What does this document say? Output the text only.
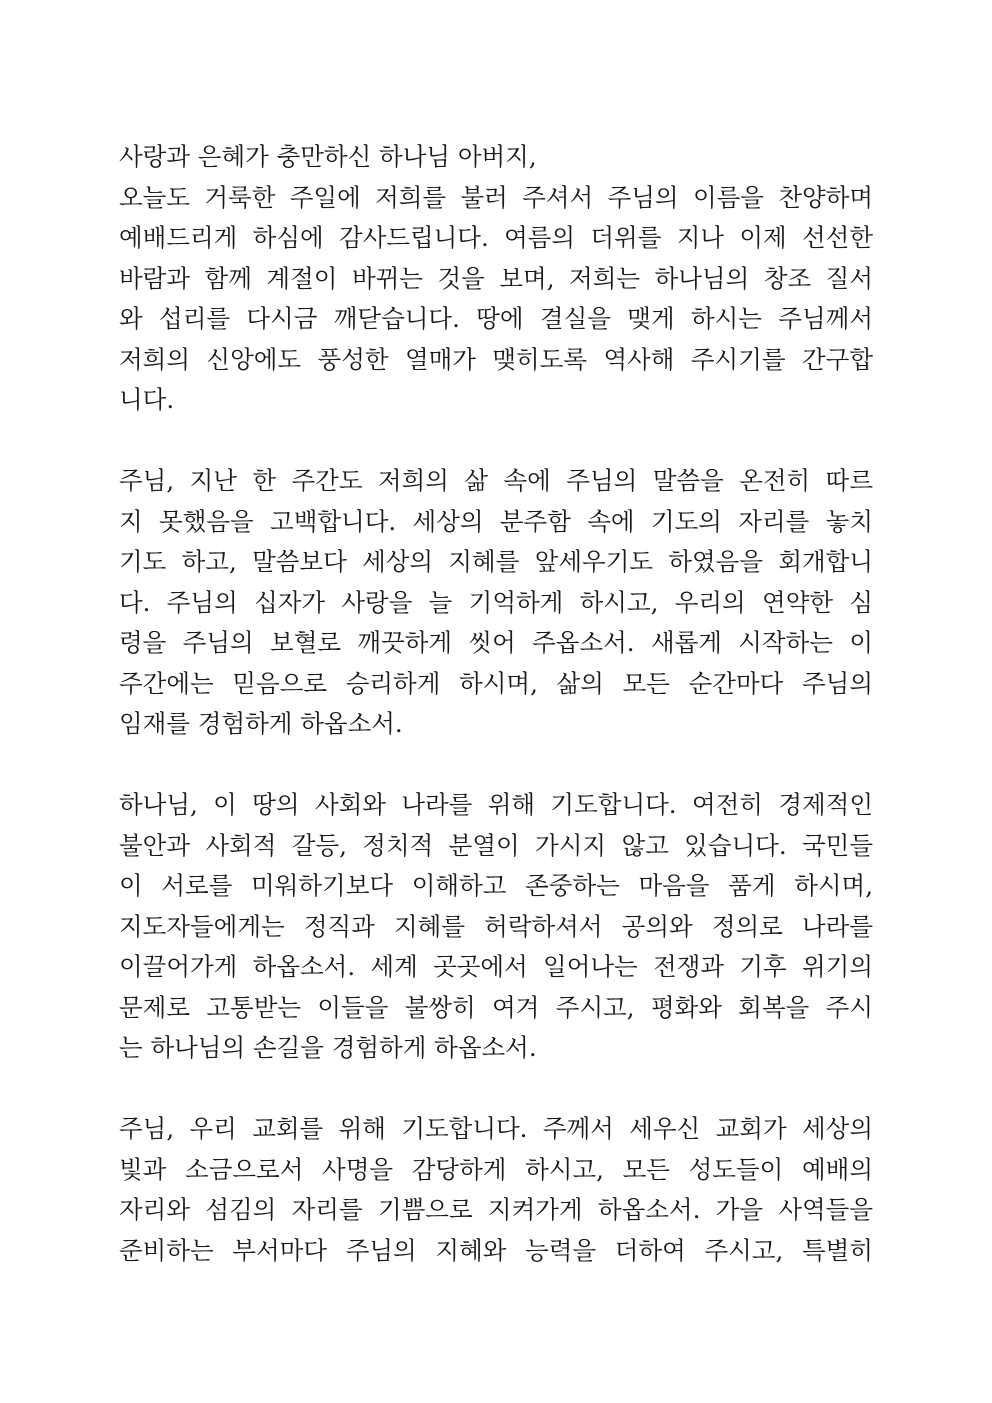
사랑과 은혜가 충만하신 하나님 아버지,
오늘도 거룩한 주일에 저희를 불러 주셔서 주님의 이름을 찬양하며
예배드리게 하심에 감사드립니다. 여름의 더위를 지나 이제 선선한
바람과 함께 계절이 바뀌는 것을 보며, 저희는 하나님의 창조 질서
와 섭리를 다시금 깨닫습니다. 땅에 결실을 맺게 하시는 주님께서
저희의 신앙에도 풍성한 열매가 맺히도록 역사해 주시기를 간구합
니다.

주님, 지난 한 주간도 저희의 삶 속에 주님의 말씀을 온전히 따르
지 못했음을 고백합니다. 세상의 분주함 속에 기도의 자리를 놓치
기도 하고, 말씀보다 세상의 지혜를 앞세우기도 하였음을 회개합니
다. 주님의 십자가 사랑을 늘 기억하게 하시고, 우리의 연약한 심
령을 주님의 보혈로 깨끗하게 씻어 주옵소서. 새롭게 시작하는 이
주간에는 믿음으로 승리하게 하시며, 삶의 모든 순간마다 주님의
임재를 경험하게 하옵소서.

하나님, 이 땅의 사회와 나라를 위해 기도합니다. 여전히 경제적인
불안과 사회적 갈등, 정치적 분열이 가시지 않고 있습니다. 국민들
이 서로를 미워하기보다 이해하고 존중하는 마음을 품게 하시며,
지도자들에게는 정직과 지혜를 허락하셔서 공의와 정의로 나라를
이끌어가게 하옵소서. 세계 곳곳에서 일어나는 전쟁과 기후 위기의
문제로 고통받는 이들을 불쌍히 여겨 주시고, 평화와 회복을 주시
는 하나님의 손길을 경험하게 하옵소서.

주님, 우리 교회를 위해 기도합니다. 주께서 세우신 교회가 세상의
빛과 소금으로서 사명을 감당하게 하시고, 모든 성도들이 예배의
자리와 섬김의 자리를 기쁨으로 지켜가게 하옵소서. 가을 사역들을
준비하는 부서마다 주님의 지혜와 능력을 더하여 주시고, 특별히
